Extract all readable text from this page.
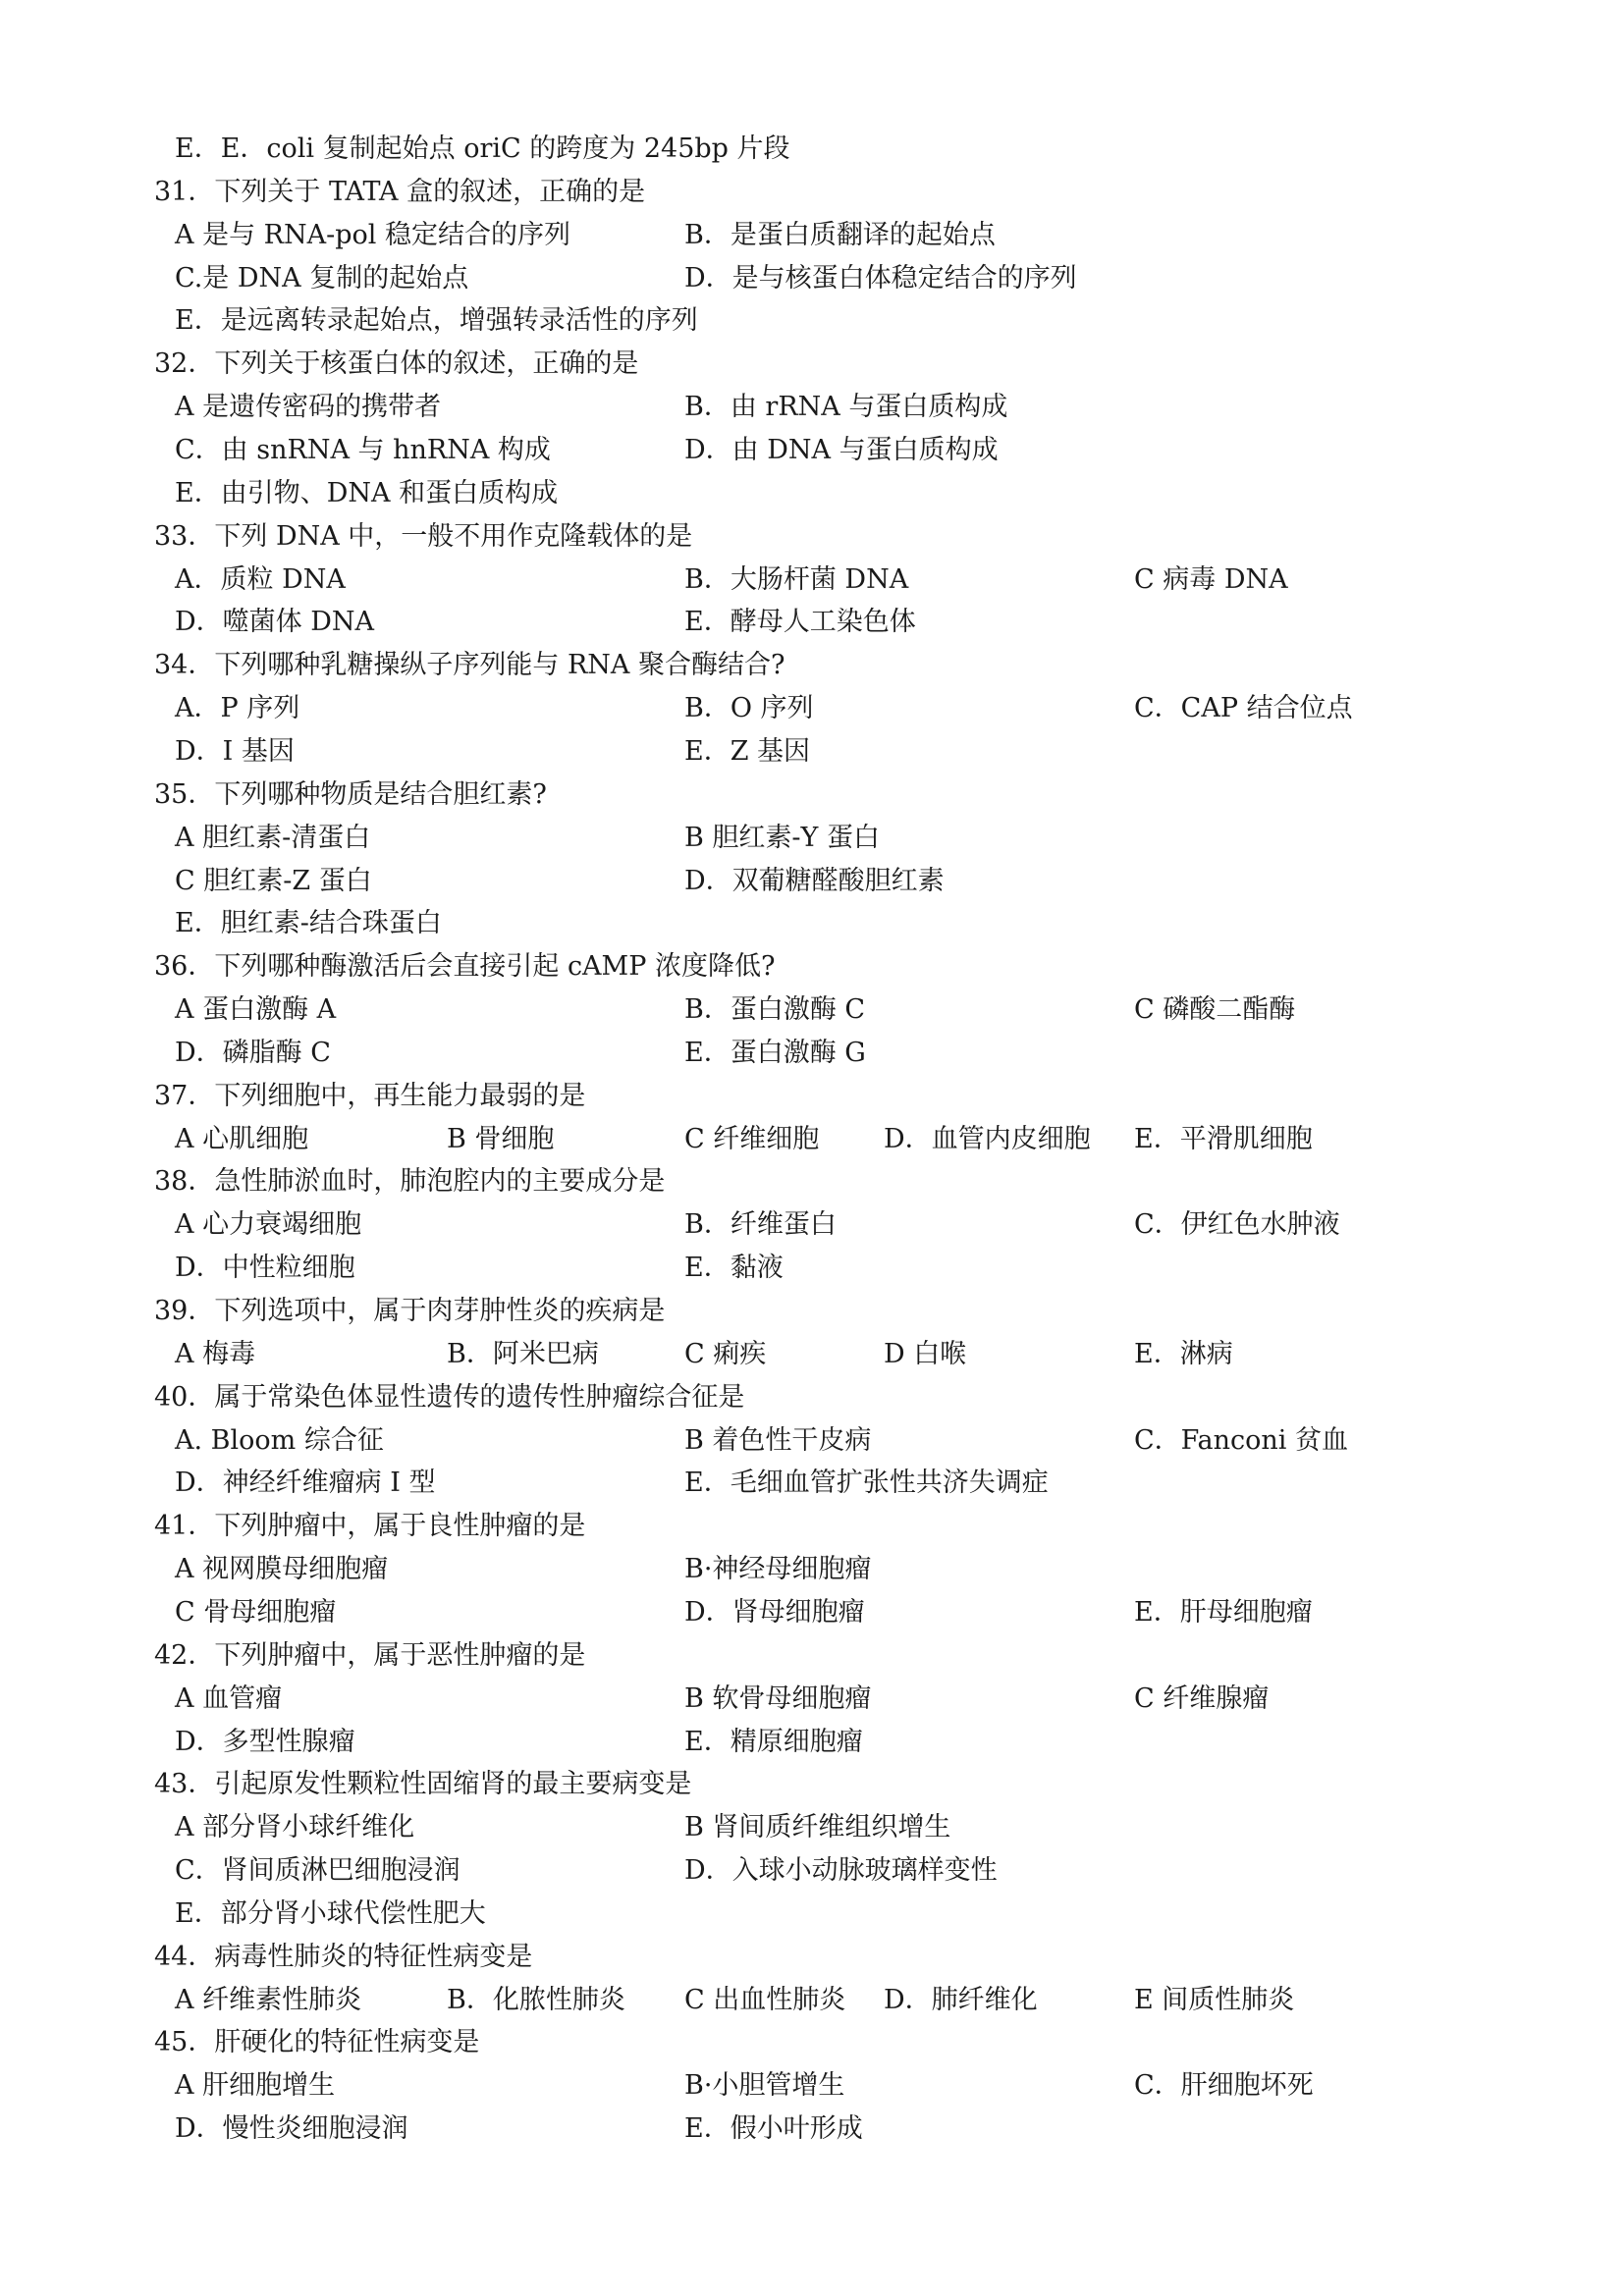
E．E．coli 复制起始点 oriC 的跨度为 245bp 片段
31．下列关于 TATA 盒的叙述，正确的是
A 是与 RNA-pol 稳定结合的序列	B．是蛋白质翻译的起始点
C.是 DNA 复制的起始点	D．是与核蛋白体稳定结合的序列
E．是远离转录起始点，增强转录活性的序列
32．下列关于核蛋白体的叙述，正确的是
A 是遗传密码的携带者	B．由 rRNA 与蛋白质构成
C．由 snRNA 与 hnRNA 构成	D．由 DNA 与蛋白质构成
E．由引物、DNA 和蛋白质构成
33．下列 DNA 中，一般不用作克隆载体的是
A．质粒 DNA	B．大肠杆菌 DNA	C 病毒 DNA
D．噬菌体 DNA	E．酵母人工染色体
34．下列哪种乳糖操纵子序列能与 RNA 聚合酶结合?
A．P 序列	B．O 序列	C．CAP 结合位点
D．I 基因	E．Z 基因
35．下列哪种物质是结合胆红素?
A 胆红素-清蛋白	B 胆红素-Y 蛋白
C 胆红素-Z 蛋白	D．双葡糖醛酸胆红素
E．胆红素-结合珠蛋白
36．下列哪种酶激活后会直接引起 cAMP 浓度降低?
A 蛋白激酶 A	B．蛋白激酶 C	C 磷酸二酯酶
D．磷脂酶 C	E．蛋白激酶 G
37．下列细胞中，再生能力最弱的是
A 心肌细胞	B 骨细胞	C 纤维细胞 D．血管内皮细胞 E．平滑肌细胞
38．急性肺淤血时，肺泡腔内的主要成分是
A 心力衰竭细胞	B．纤维蛋白	C．伊红色水肿液
D．中性粒细胞	E．黏液
39．下列选项中，属于肉芽肿性炎的疾病是
A 梅毒	B．阿米巴病	C 痢疾	D 白喉	E．淋病
40．属于常染色体显性遗传的遗传性肿瘤综合征是
A. Bloom 综合征	B 着色性干皮病	C．Fanconi 贫血
D．神经纤维瘤病 I 型	E．毛细血管扩张性共济失调症
41．下列肿瘤中，属于良性肿瘤的是
A 视网膜母细胞瘤	B·神经母细胞瘤
C 骨母细胞瘤	D．肾母细胞瘤	E．肝母细胞瘤
42．下列肿瘤中，属于恶性肿瘤的是
A 血管瘤	B 软骨母细胞瘤	C 纤维腺瘤
D．多型性腺瘤	E．精原细胞瘤
43．引起原发性颗粒性固缩肾的最主要病变是
A 部分肾小球纤维化	B 肾间质纤维组织增生
C．肾间质淋巴细胞浸润	D．入球小动脉玻璃样变性
E．部分肾小球代偿性肥大
44．病毒性肺炎的特征性病变是
A 纤维素性肺炎	B．化脓性肺炎 C 出血性肺炎 D．肺纤维化	E 间质性肺炎
45．肝硬化的特征性病变是
A 肝细胞增生	B·小胆管增生	C．肝细胞坏死
D．慢性炎细胞浸润	E．假小叶形成
